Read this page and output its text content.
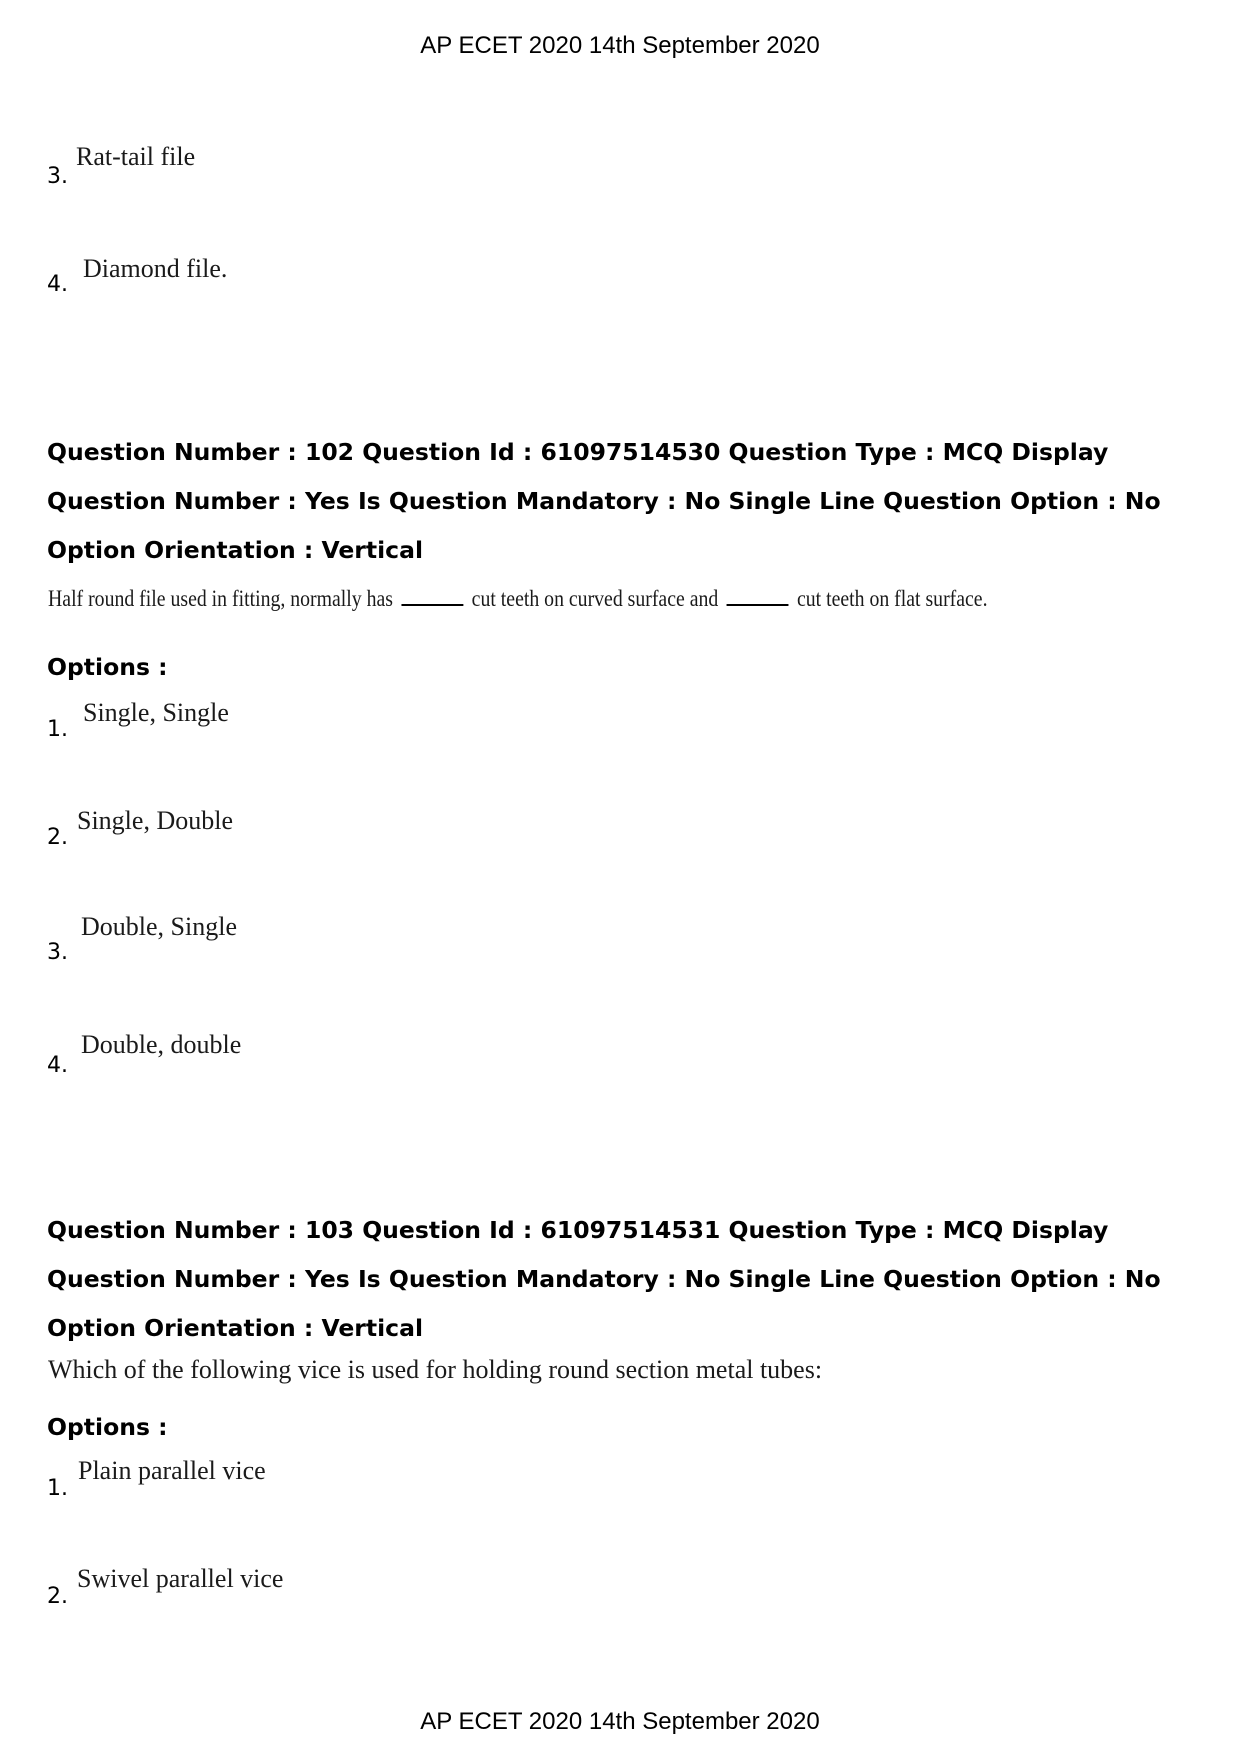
AP ECET 2020 14th September 2020
3.
Rat-tail file
4.
Diamond file.
Question Number : 102 Question Id : 61097514530 Question Type : MCQ Display Question Number : Yes Is Question Mandatory : No Single Line Question Option : No Option Orientation : Vertical
Half round file used in fitting, normally has	cut teeth on curved surface and	cut teeth on flat surface.
Options :
1.
Single, Single
2.
Single, Double
3.
Double, Single
4.
Double, double
Question Number : 103 Question Id : 61097514531 Question Type : MCQ Display Question Number : Yes Is Question Mandatory : No Single Line Question Option : No Option Orientation : Vertical
Which of the following vice is used for holding round section metal tubes:
Options :
1.
Plain parallel vice
2.
Swivel parallel vice
AP ECET 2020 14th September 2020
